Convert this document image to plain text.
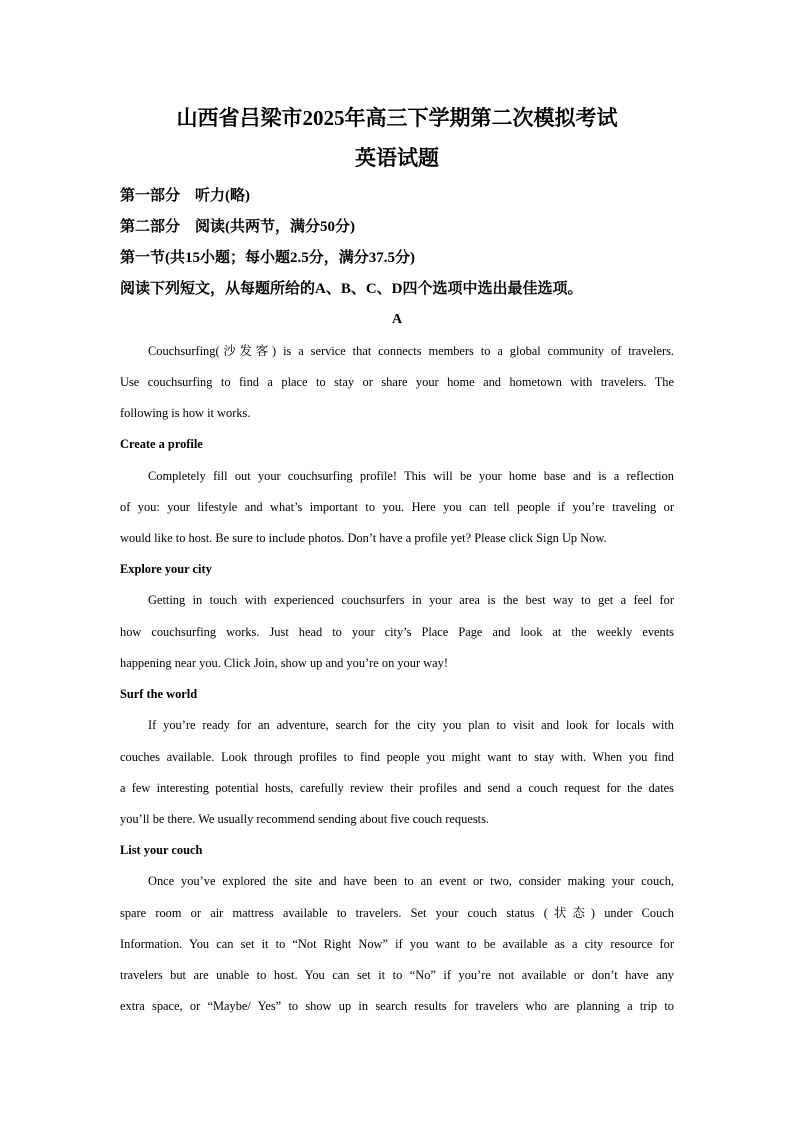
山西省吕梁市2025年高三下学期第二次模拟考试
英语试题
第一部分　听力(略)
第二部分　阅读(共两节，满分50分)
第一节(共15小题；每小题2.5分，满分37.5分)
阅读下列短文，从每题所给的A、B、C、D四个选项中选出最佳选项。
A
Couchsurfing(沙发客) is a service that connects members to a global community of travelers.
Use couchsurfing to find a place to stay or share your home and hometown with travelers. The
following is how it works.
Create a profile
Completely fill out your couchsurfing profile! This will be your home base and is a reflection
of you: your lifestyle and what’s important to you. Here you can tell people if you’re traveling or
would like to host. Be sure to include photos. Don’t have a profile yet? Please click Sign Up Now.
Explore your city
Getting in touch with experienced couchsurfers in your area is the best way to get a feel for
how couchsurfing works. Just head to your city’s Place Page and look at the weekly events
happening near you. Click Join, show up and you’re on your way!
Surf the world
If you’re ready for an adventure, search for the city you plan to visit and look for locals with
couches available. Look through profiles to find people you might want to stay with. When you find
a few interesting potential hosts, carefully review their profiles and send a couch request for the dates
you’ll be there. We usually recommend sending about five couch requests.
List your couch
Once you’ve explored the site and have been to an event or two, consider making your couch,
spare room or air mattress available to travelers. Set your couch status (状态) under Couch
Information. You can set it to “Not Right Now” if you want to be available as a city resource for
travelers but are unable to host. You can set it to “No” if you’re not available or don’t have any
extra space, or “Maybe/ Yes” to show up in search results for travelers who are planning a trip to
